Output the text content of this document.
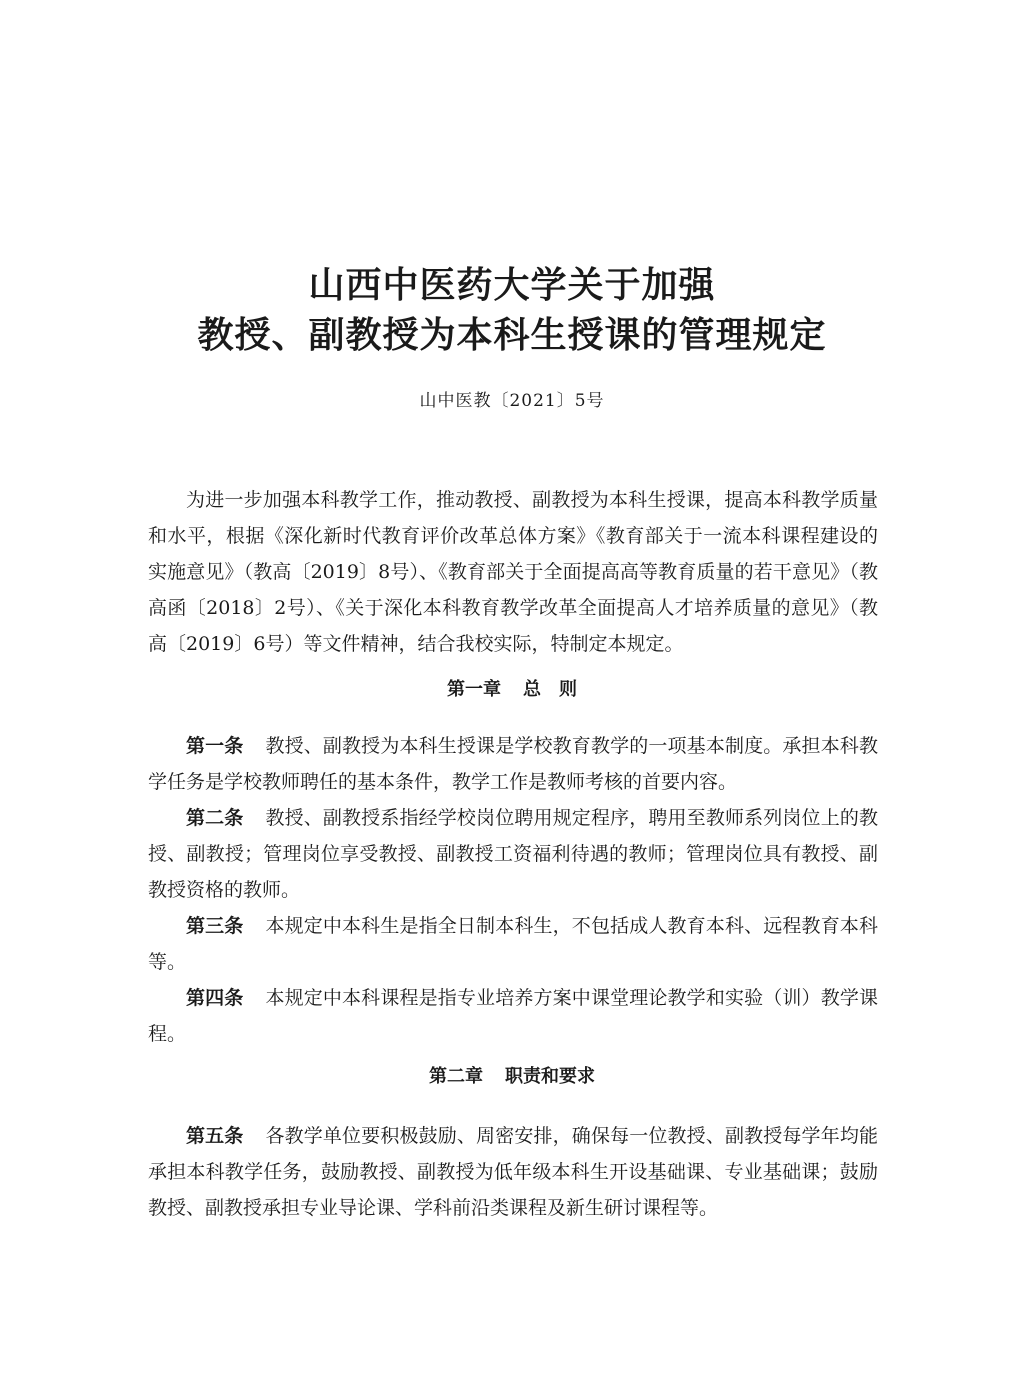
山西中医药大学关于加强
教授、副教授为本科生授课的管理规定
山中医教〔2021〕5号

为进一步加强本科教学工作，推动教授、副教授为本科生授课，提高本科教学质量和水平，根据《深化新时代教育评价改革总体方案》《教育部关于一流本科课程建设的实施意见》（教高〔2019〕8号）、《教育部关于全面提高高等教育质量的若干意见》（教高函〔2018〕2号）、《关于深化本科教育教学改革全面提高人才培养质量的意见》（教高〔2019〕6号）等文件精神，结合我校实际，特制定本规定。

第一章 总　则

第一条 教授、副教授为本科生授课是学校教育教学的一项基本制度。承担本科教学任务是学校教师聘任的基本条件，教学工作是教师考核的首要内容。

第二条 教授、副教授系指经学校岗位聘用规定程序，聘用至教师系列岗位上的教授、副教授；管理岗位享受教授、副教授工资福利待遇的教师；管理岗位具有教授、副教授资格的教师。

第三条 本规定中本科生是指全日制本科生，不包括成人教育本科、远程教育本科等。

第四条 本规定中本科课程是指专业培养方案中课堂理论教学和实验（训）教学课程。

第二章 职责和要求

第五条 各教学单位要积极鼓励、周密安排，确保每一位教授、副教授每学年均能承担本科教学任务，鼓励教授、副教授为低年级本科生开设基础课、专业基础课；鼓励教授、副教授承担专业导论课、学科前沿类课程及新生研讨课程等。
